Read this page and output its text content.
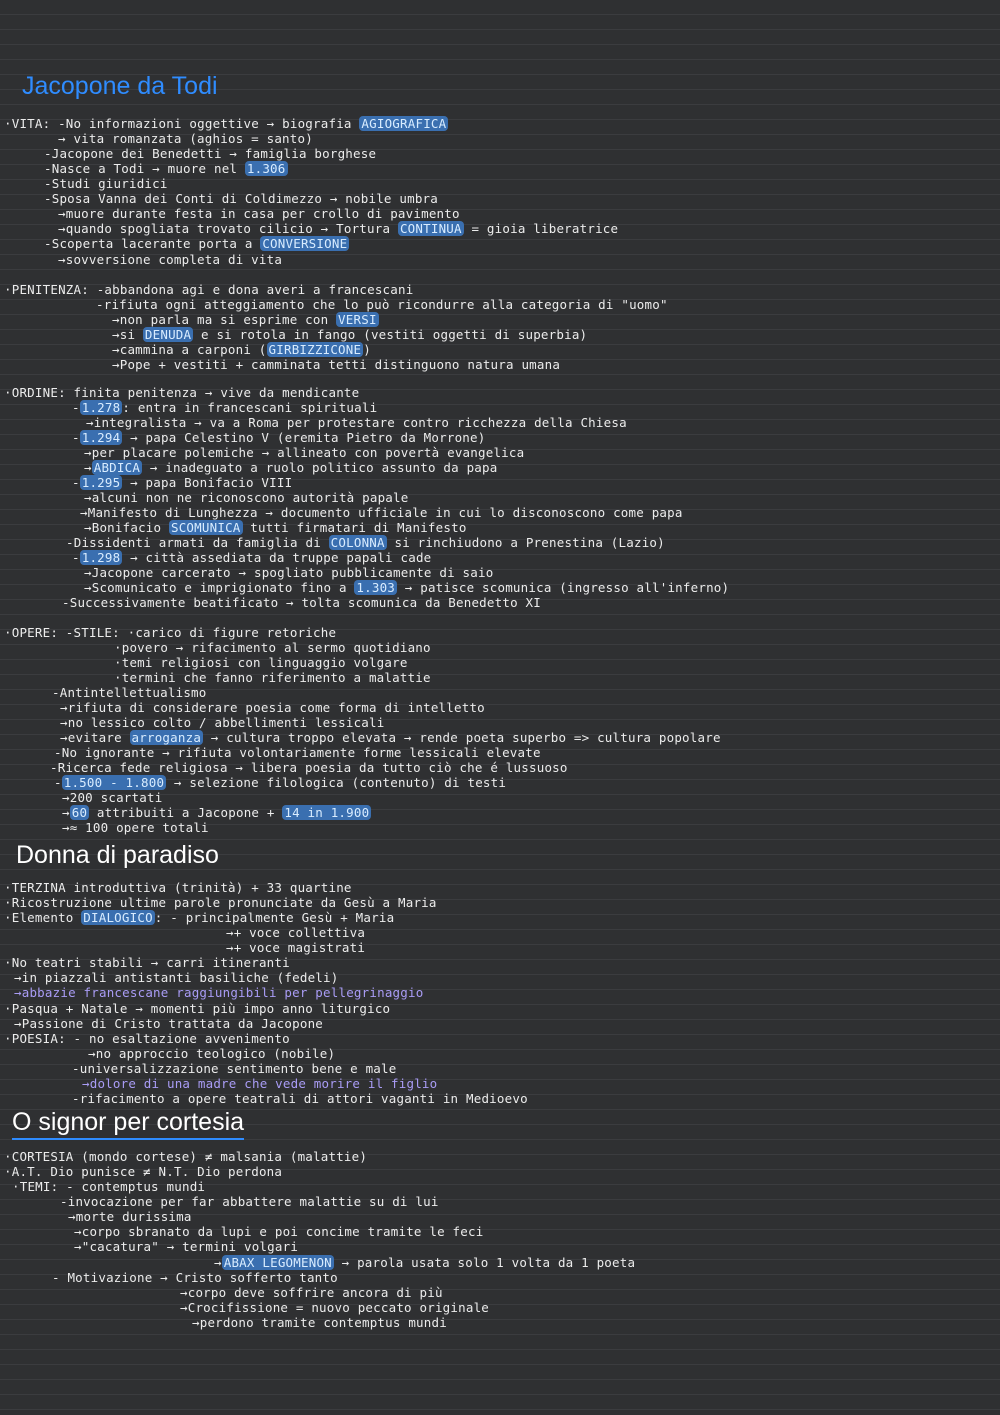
Jacopone da Todi
Donna di paradiso
O signor per cortesia
·VITA: -No informazioni oggettive → biografia AGIOGRAFICA
→ vita romanzata (aghios = santo)
-Jacopone dei Benedetti → famiglia borghese
-Nasce a Todi → muore nel 1.306
-Studi giuridici
-Sposa Vanna dei Conti di Coldimezzo → nobile umbra
→muore durante festa in casa per crollo di pavimento
→quando spogliata trovato cilicio → Tortura CONTINUA = gioia liberatrice
-Scoperta lacerante porta a CONVERSIONE
→sovversione completa di vita
·PENITENZA: -abbandona agi e dona averi a francescani
-rifiuta ogni atteggiamento che lo può ricondurre alla categoria di "uomo"
→non parla ma si esprime con VERSI
→si DENUDA e si rotola in fango (vestiti oggetti di superbia)
→cammina a carponi ( GIRBIZZICONE )
→Pope + vestiti + camminata tetti distinguono natura umana
·ORDINE: finita penitenza → vive da mendicante
- 1.278 : entra in francescani spirituali
→integralista → va a Roma per protestare contro ricchezza della Chiesa
- 1.294 → papa Celestino V (eremita Pietro da Morrone)
→per placare polemiche → allineato con povertà evangelica
→ ABDICA → inadeguato a ruolo politico assunto da papa
- 1.295 → papa Bonifacio VIII
→alcuni non ne riconoscono autorità papale
→Manifesto di Lunghezza → documento ufficiale in cui lo disconoscono come papa
→Bonifacio SCOMUNICA tutti firmatari di Manifesto
-Dissidenti armati da famiglia di COLONNA si rinchiudono a Prenestina (Lazio)
- 1.298 → città assediata da truppe papali cade
→Jacopone carcerato → spogliato pubblicamente di saio
→Scomunicato e imprigionato fino a 1.303 → patisce scomunica (ingresso all'inferno)
-Successivamente beatificato → tolta scomunica da Benedetto XI
·OPERE: -STILE: ·carico di figure retoriche
·povero → rifacimento al sermo quotidiano
·temi religiosi con linguaggio volgare
·termini che fanno riferimento a malattie
-Antintellettualismo
→rifiuta di considerare poesia come forma di intelletto
→no lessico colto / abbellimenti lessicali
→evitare arroganza → cultura troppo elevata → rende poeta superbo => cultura popolare
-No ignorante → rifiuta volontariamente forme lessicali elevate
-Ricerca fede religiosa → libera poesia da tutto ciò che é lussuoso
- 1.500 - 1.800 → selezione filologica (contenuto) di testi
→200 scartati
→ 60 attribuiti a Jacopone + 14 in 1.900
→≈ 100 opere totali
·TERZINA introduttiva (trinità) + 33 quartine
·Ricostruzione ultime parole pronunciate da Gesù a Maria
·Elemento DIALOGICO : - principalmente Gesù + Maria
→+ voce collettiva
→+ voce magistrati
·No teatri stabili → carri itineranti
→in piazzali antistanti basiliche (fedeli)
→abbazie francescane raggiungibili per pellegrinaggio
·Pasqua + Natale → momenti più impo anno liturgico
→Passione di Cristo trattata da Jacopone
·POESIA: - no esaltazione avvenimento
→no approccio teologico (nobile)
-universalizzazione sentimento bene e male
→dolore di una madre che vede morire il figlio
-rifacimento a opere teatrali di attori vaganti in Medioevo
·CORTESIA (mondo cortese) ≠ malsania (malattie)
·A.T. Dio punisce ≠ N.T. Dio perdona
·TEMI: - contemptus mundi
-invocazione per far abbattere malattie su di lui
→morte durissima
→corpo sbranato da lupi e poi concime tramite le feci
→"cacatura" → termini volgari
→ ABAX LEGOMENON → parola usata solo 1 volta da 1 poeta
- Motivazione → Cristo sofferto tanto
→corpo deve soffrire ancora di più
→Crocifissione = nuovo peccato originale
→perdono tramite contemptus mundi
